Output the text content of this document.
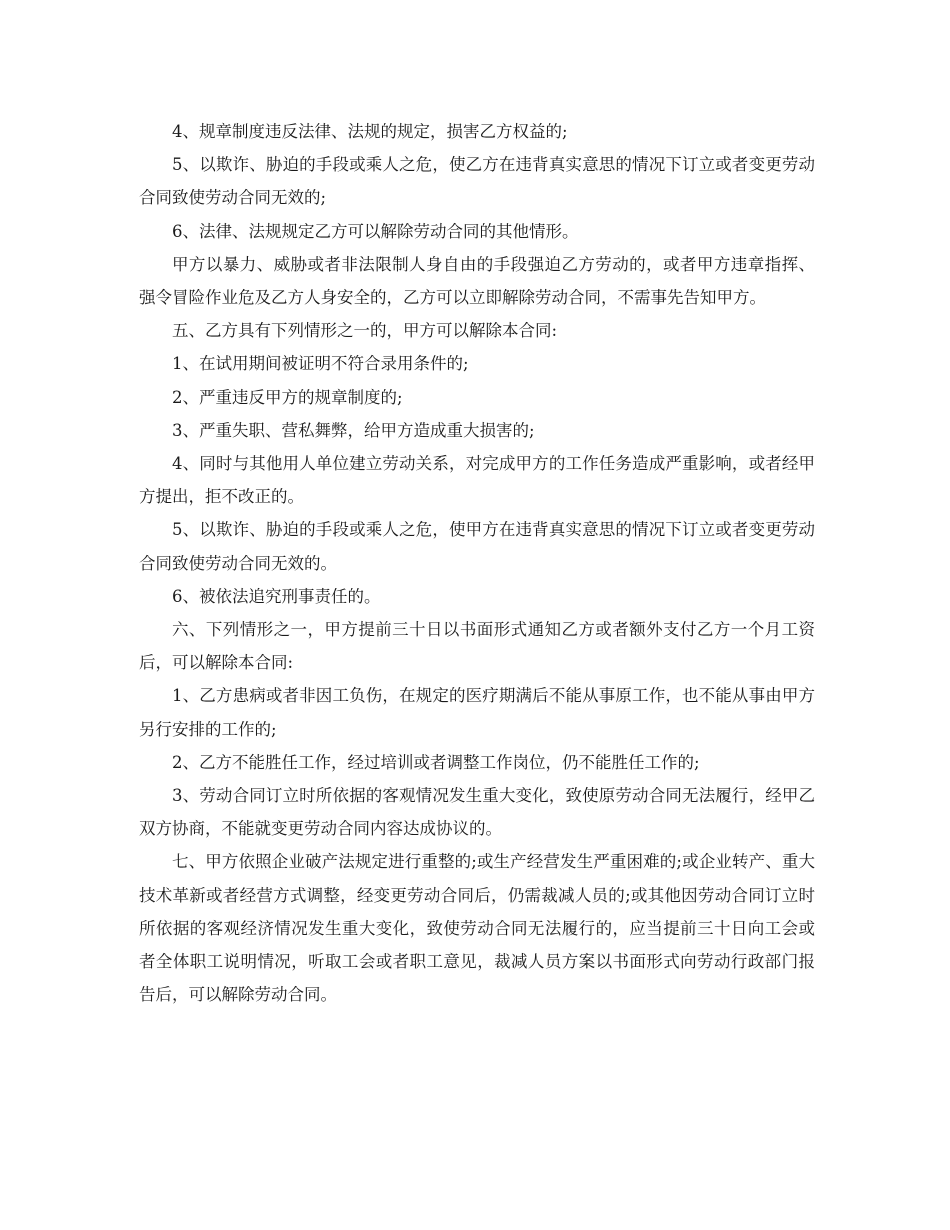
4、规章制度违反法律、法规的规定，损害乙方权益的;

5、以欺诈、胁迫的手段或乘人之危，使乙方在违背真实意思的情况下订立或者变更劳动合同致使劳动合同无效的;

6、法律、法规规定乙方可以解除劳动合同的其他情形。

甲方以暴力、威胁或者非法限制人身自由的手段强迫乙方劳动的，或者甲方违章指挥、强令冒险作业危及乙方人身安全的，乙方可以立即解除劳动合同，不需事先告知甲方。

五、乙方具有下列情形之一的，甲方可以解除本合同:

1、在试用期间被证明不符合录用条件的;

2、严重违反甲方的规章制度的;

3、严重失职、营私舞弊，给甲方造成重大损害的;

4、同时与其他用人单位建立劳动关系，对完成甲方的工作任务造成严重影响，或者经甲方提出，拒不改正的。

5、以欺诈、胁迫的手段或乘人之危，使甲方在违背真实意思的情况下订立或者变更劳动合同致使劳动合同无效的。

6、被依法追究刑事责任的。

六、下列情形之一，甲方提前三十日以书面形式通知乙方或者额外支付乙方一个月工资后，可以解除本合同:

1、乙方患病或者非因工负伤，在规定的医疗期满后不能从事原工作，也不能从事由甲方另行安排的工作的;

2、乙方不能胜任工作，经过培训或者调整工作岗位，仍不能胜任工作的;

3、劳动合同订立时所依据的客观情况发生重大变化，致使原劳动合同无法履行，经甲乙双方协商，不能就变更劳动合同内容达成协议的。

七、甲方依照企业破产法规定进行重整的;或生产经营发生严重困难的;或企业转产、重大技术革新或者经营方式调整，经变更劳动合同后，仍需裁减人员的;或其他因劳动合同订立时所依据的客观经济情况发生重大变化，致使劳动合同无法履行的，应当提前三十日向工会或者全体职工说明情况，听取工会或者职工意见，裁减人员方案以书面形式向劳动行政部门报告后，可以解除劳动合同。
